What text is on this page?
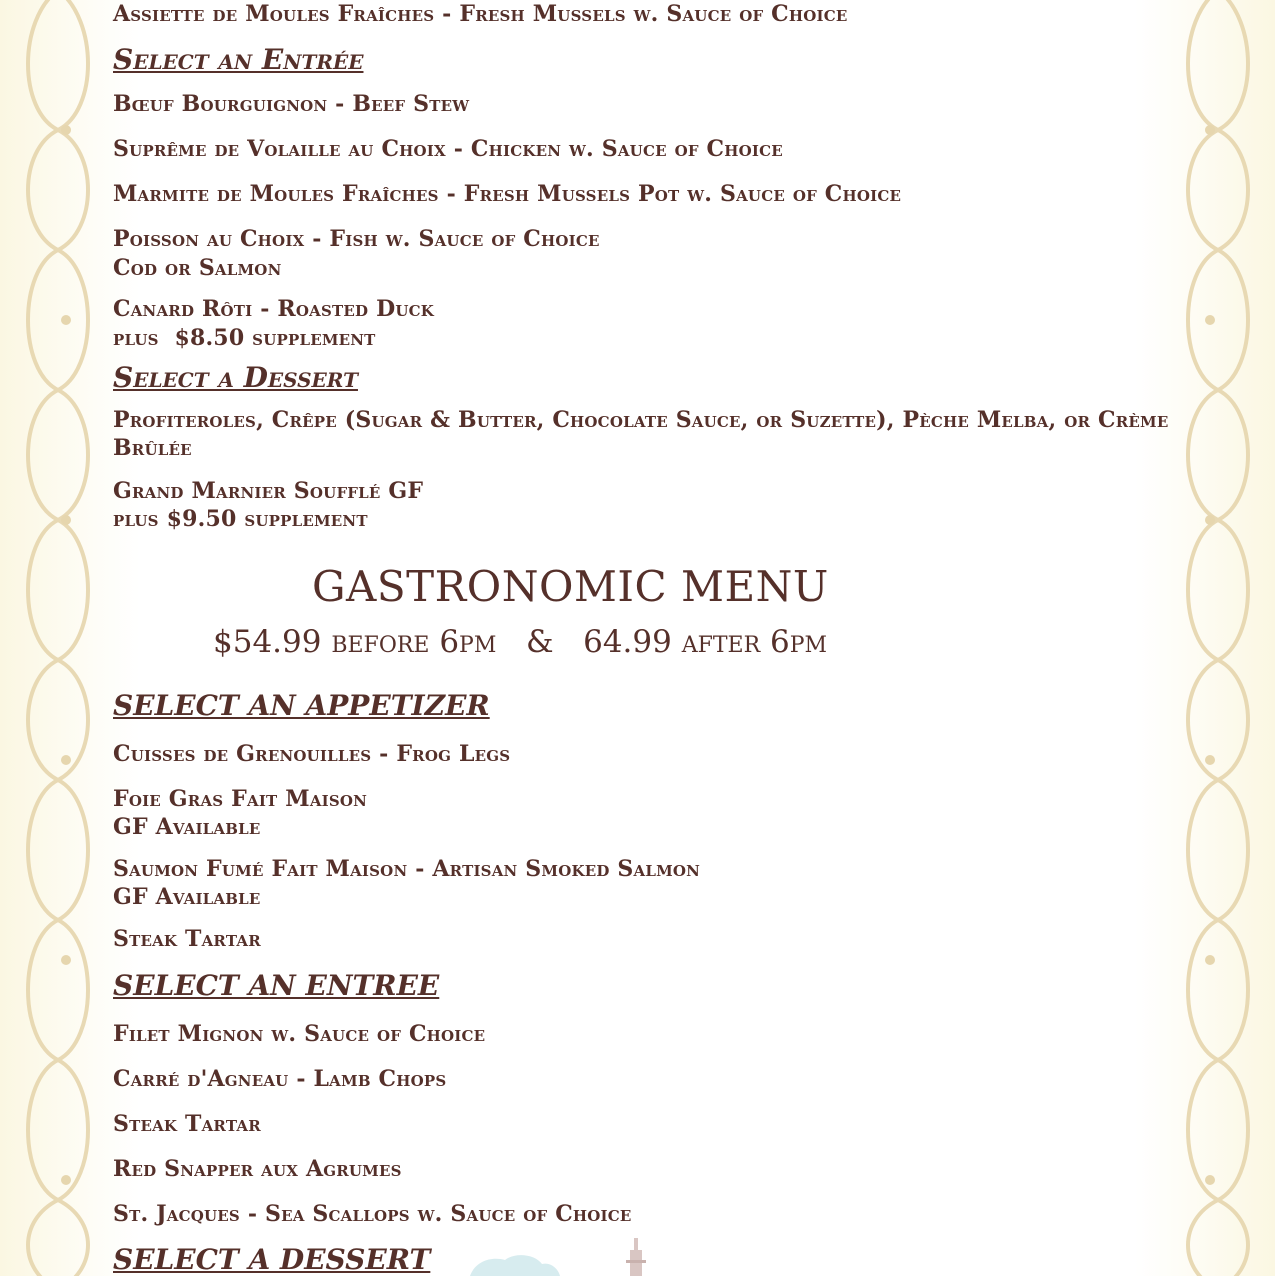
Assiette de Moules Fraîches - Fresh Mussels w. Sauce of Choice

Select an Entrée

Bœuf Bourguignon - Beef Stew

Suprême de Volaille au Choix - Chicken w. Sauce of Choice

Marmite de Moules Fraîches - Fresh Mussels Pot w. Sauce of Choice

Poisson au Choix - Fish w. Sauce of Choice

Cod or Salmon

Canard Rôti - Roasted Duck

plus  $8.50 supplement

Select a Dessert

Profiteroles, Crêpe (Sugar & Butter, Chocolate Sauce, or Suzette), Pèche Melba, or Crème Brûlée

Grand Marnier Soufflé GF

plus $9.50 supplement

GASTRONOMIC MENU

$54.99 before 6pm   &   64.99 after 6pm

SELECT AN APPETIZER

Cuisses de Grenouilles - Frog Legs

Foie Gras Fait Maison

GF Available

Saumon Fumé Fait Maison - Artisan Smoked Salmon

GF Available

Steak Tartar

SELECT AN ENTREE

Filet Mignon w. Sauce of Choice

Carré d'Agneau - Lamb Chops

Steak Tartar

Red Snapper aux Agrumes

St. Jacques - Sea Scallops w. Sauce of Choice

SELECT A DESSERT
